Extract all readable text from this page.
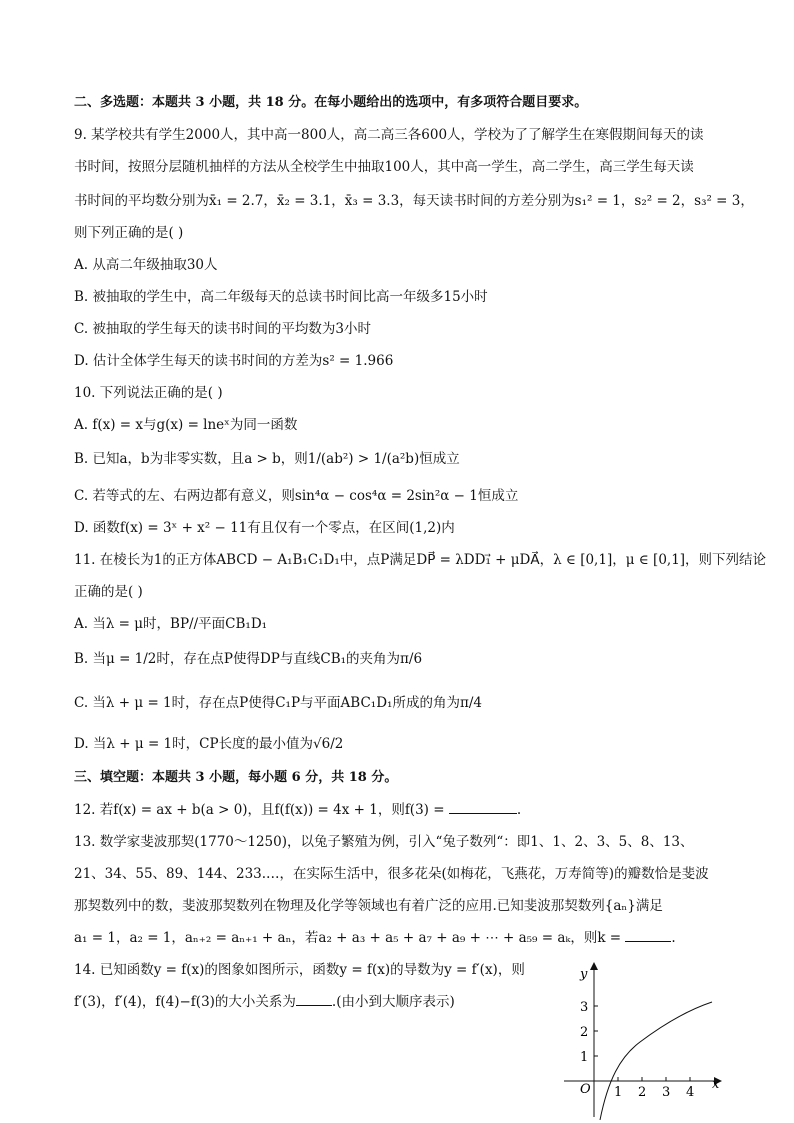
二、多选题：本题共 3 小题，共 18 分。在每小题给出的选项中，有多项符合题目要求。
9. 某学校共有学生2000人，其中高一800人，高二高三各600人，学校为了了解学生在寒假期间每天的读
书时间，按照分层随机抽样的方法从全校学生中抽取100人，其中高一学生，高二学生，高三学生每天读
书时间的平均数分别为x̄₁ = 2.7，x̄₂ = 3.1，x̄₃ = 3.3，每天读书时间的方差分别为s₁² = 1，s₂² = 2，s₃² = 3，
则下列正确的是( )
A. 从高二年级抽取30人
B. 被抽取的学生中，高二年级每天的总读书时间比高一年级多15小时
C. 被抽取的学生每天的读书时间的平均数为3小时
D. 估计全体学生每天的读书时间的方差为s² = 1.966
10. 下列说法正确的是( )
A. f(x) = x与g(x) = lneˣ为同一函数
B. 已知a，b为非零实数，且a > b，则1/(ab²) > 1/(a²b)恒成立
C. 若等式的左、右两边都有意义，则sin⁴α − cos⁴α = 2sin²α − 1恒成立
D. 函数f(x) = 3ˣ + x² − 11有且仅有一个零点，在区间(1,2)内
11. 在棱长为1的正方体ABCD − A₁B₁C₁D₁中，点P满足DP⃗ = λDD₁⃗ + μDA⃗，λ ∈ [0,1]，μ ∈ [0,1]，则下列结论
正确的是( )
A. 当λ = μ时，BP//平面CB₁D₁
B. 当μ = 1/2时，存在点P使得DP与直线CB₁的夹角为π/6
C. 当λ + μ = 1时，存在点P使得C₁P与平面ABC₁D₁所成的角为π/4
D. 当λ + μ = 1时，CP长度的最小值为√6/2
三、填空题：本题共 3 小题，每小题 6 分，共 18 分。
12. 若f(x) = ax + b(a > 0)，且f(f(x)) = 4x + 1，则f(3) =	.
13. 数学家斐波那契(1770～1250)，以兔子繁殖为例，引入“兔子数列“：即1、1、2、3、5、8、13、
21、34、55、89、144、233.…，在实际生活中，很多花朵(如梅花，飞燕花，万寿简等)的瓣数恰是斐波
那契数列中的数，斐波那契数列在物理及化学等领域也有着广泛的应用.已知斐波那契数列{aₙ}满足
a₁ = 1，a₂ = 1，aₙ₊₂ = aₙ₊₁ + aₙ，若a₂ + a₃ + a₅ + a₇ + a₉ + ⋯ + a₅₉ = aₖ，则k =	.
14. 已知函数y = f(x)的图象如图所示，函数y = f(x)的导数为y = f′(x)，则
f′(3)，f′(4)，f(4)−f(3)的大小关系为	.(由小到大顺序表示)
1 2 3 4
1
2
3
x
y
O
